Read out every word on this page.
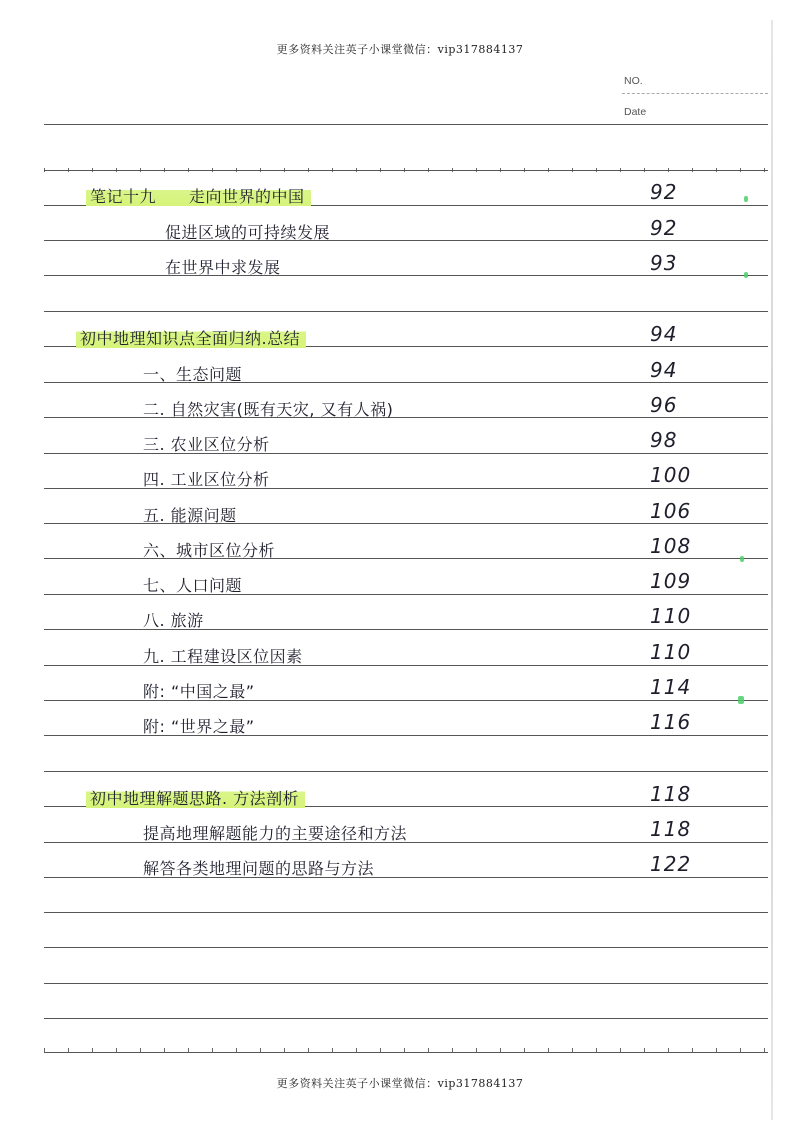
更多资料关注英子小课堂微信：vip317884137
NO.
Date
笔记十九　　走向世界的中国	92
促进区域的可持续发展	92
在世界中求发展	93
初中地理知识点全面归纳.总结	94
一、生态问题	94
二. 自然灾害(既有天灾, 又有人祸)	96
三. 农业区位分析	98
四. 工业区位分析	100
五. 能源问题	106
六、城市区位分析	108
七、人口问题	109
八. 旅游	110
九. 工程建设区位因素	110
附: “中国之最”	114
附: “世界之最”	116
初中地理解题思路. 方法剖析	118
提高地理解题能力的主要途径和方法	118
解答各类地理问题的思路与方法	122
更多资料关注英子小课堂微信：vip317884137
